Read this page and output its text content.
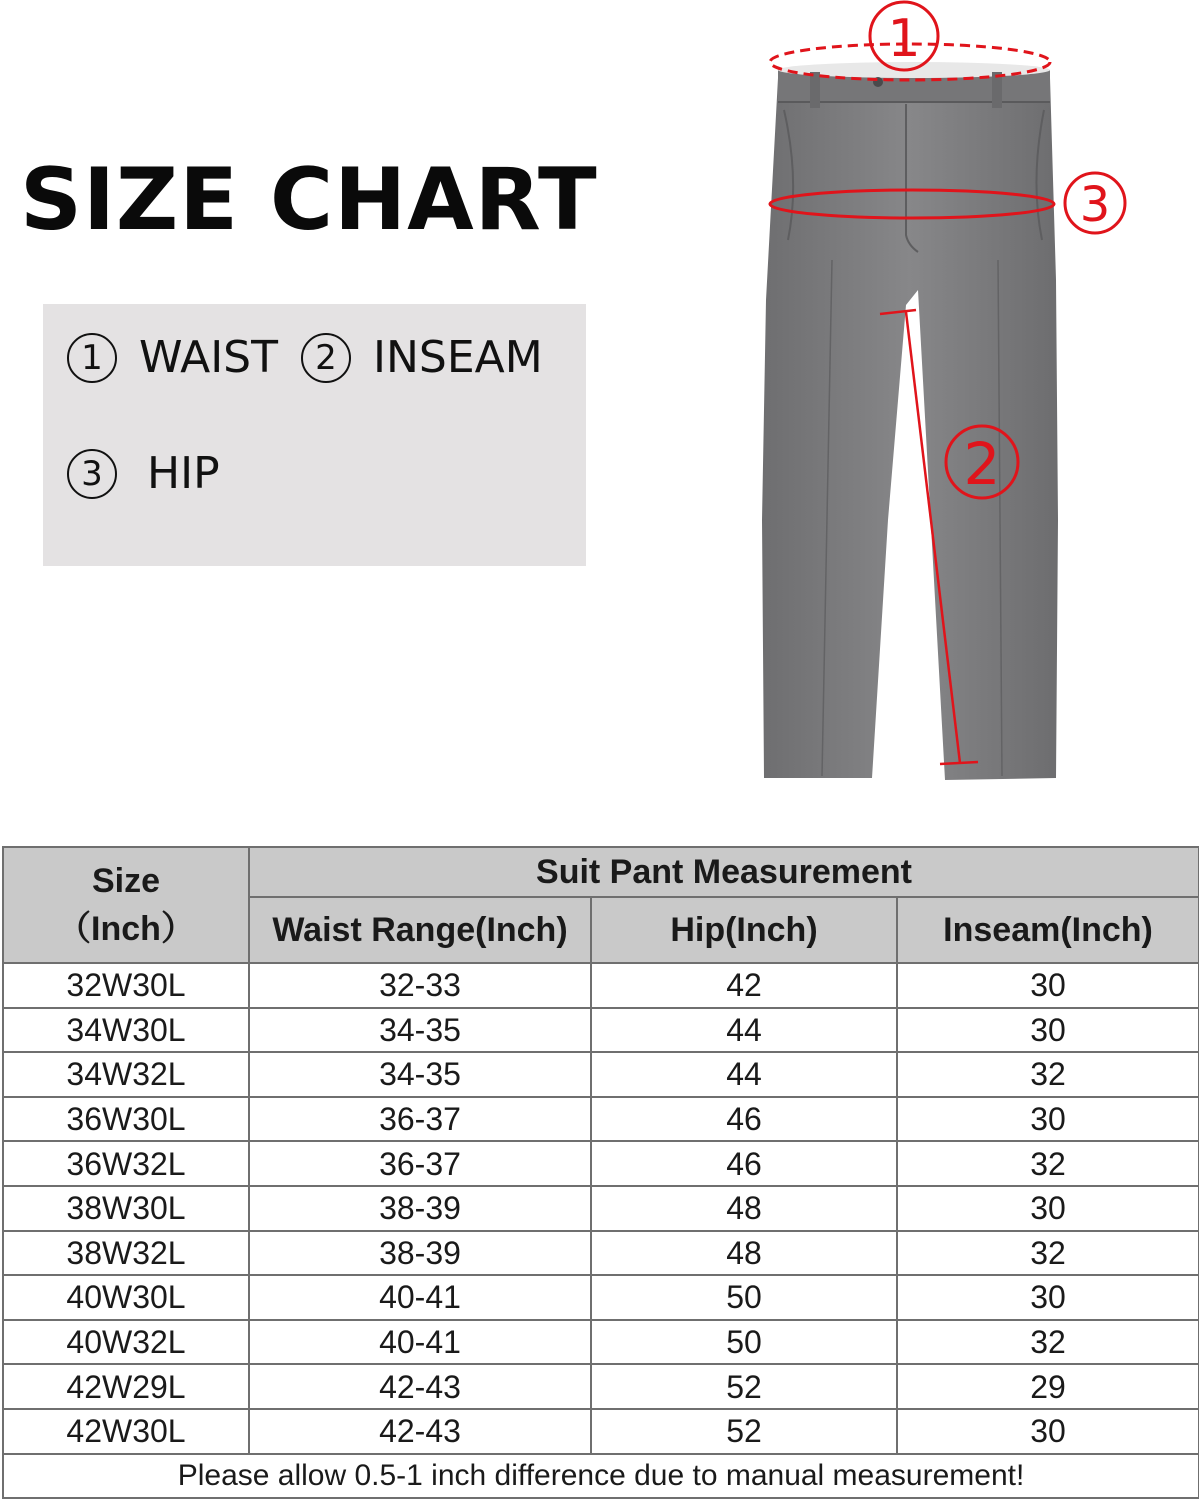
SIZE CHART
1 WAIST	2 INSEAM
3	HIP
1
3
2
Size
（Inch）	Suit Pant Measurement		
	Waist Range(Inch)	Hip(Inch)	Inseam(Inch)
32W30L	32-33	42	30
34W30L	34-35	44	30
34W32L	34-35	44	32
36W30L	36-37	46	30
36W32L	36-37	46	32
38W30L	38-39	48	30
38W32L	38-39	48	32
40W30L	40-41	50	30
40W32L	40-41	50	32
42W29L	42-43	52	29
42W30L	42-43	52	30
Please allow 0.5-1 inch difference due to manual measurement!			
